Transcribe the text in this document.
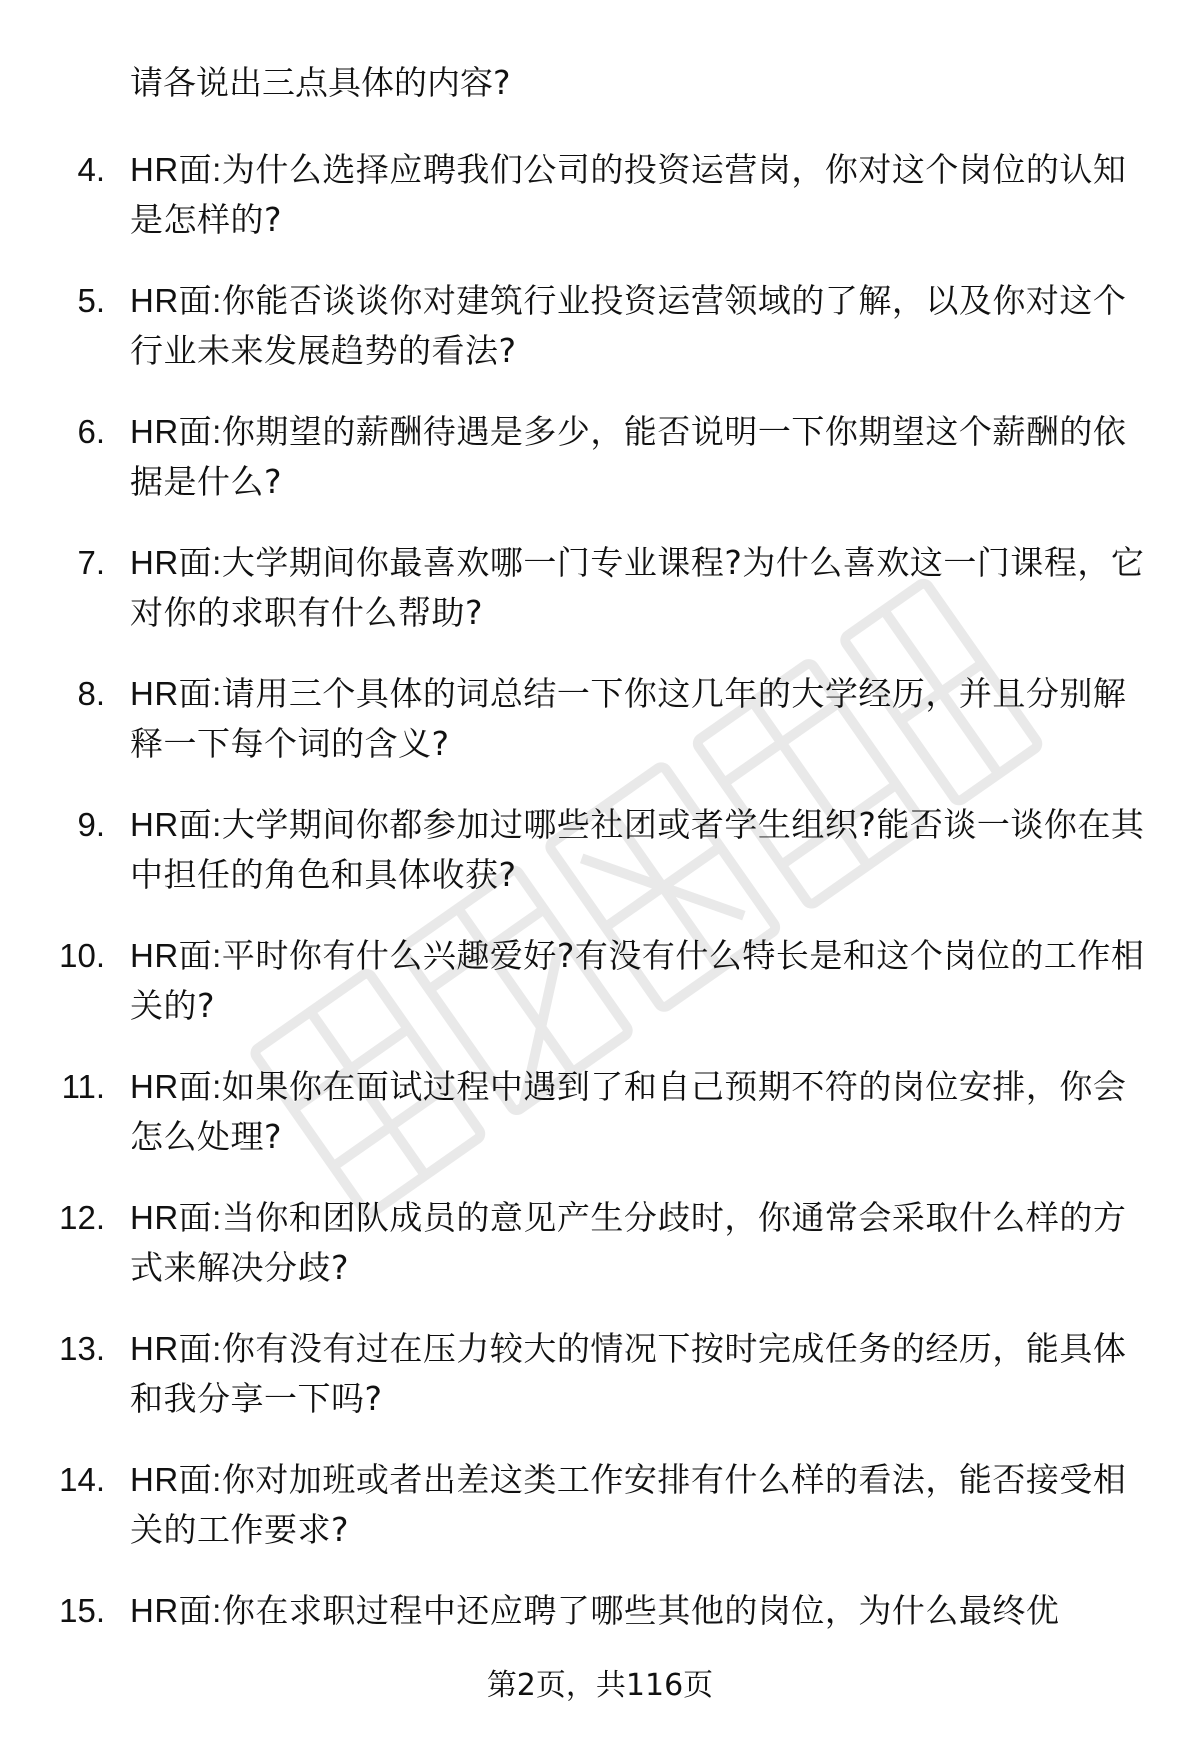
请各说出三点具体的内容?
4. HR面:为什么选择应聘我们公司的投资运营岗，你对这个岗位的认知是怎样的?
5. HR面:你能否谈谈你对建筑行业投资运营领域的了解，以及你对这个行业未来发展趋势的看法?
6. HR面:你期望的薪酬待遇是多少，能否说明一下你期望这个薪酬的依据是什么?
7. HR面:大学期间你最喜欢哪一门专业课程?为什么喜欢这一门课程，它对你的求职有什么帮助?
8. HR面:请用三个具体的词总结一下你这几年的大学经历，并且分别解释一下每个词的含义?
9. HR面:大学期间你都参加过哪些社团或者学生组织?能否谈一谈你在其中担任的角色和具体收获?
10. HR面:平时你有什么兴趣爱好?有没有什么特长是和这个岗位的工作相关的?
11. HR面:如果你在面试过程中遇到了和自己预期不符的岗位安排，你会怎么处理?
12. HR面:当你和团队成员的意见产生分歧时，你通常会采取什么样的方式来解决分歧?
13. HR面:你有没有过在压力较大的情况下按时完成任务的经历，能具体和我分享一下吗?
14. HR面:你对加班或者出差这类工作安排有什么样的看法，能否接受相关的工作要求?
15. HR面:你在求职过程中还应聘了哪些其他的岗位，为什么最终优
第2页，共116页
